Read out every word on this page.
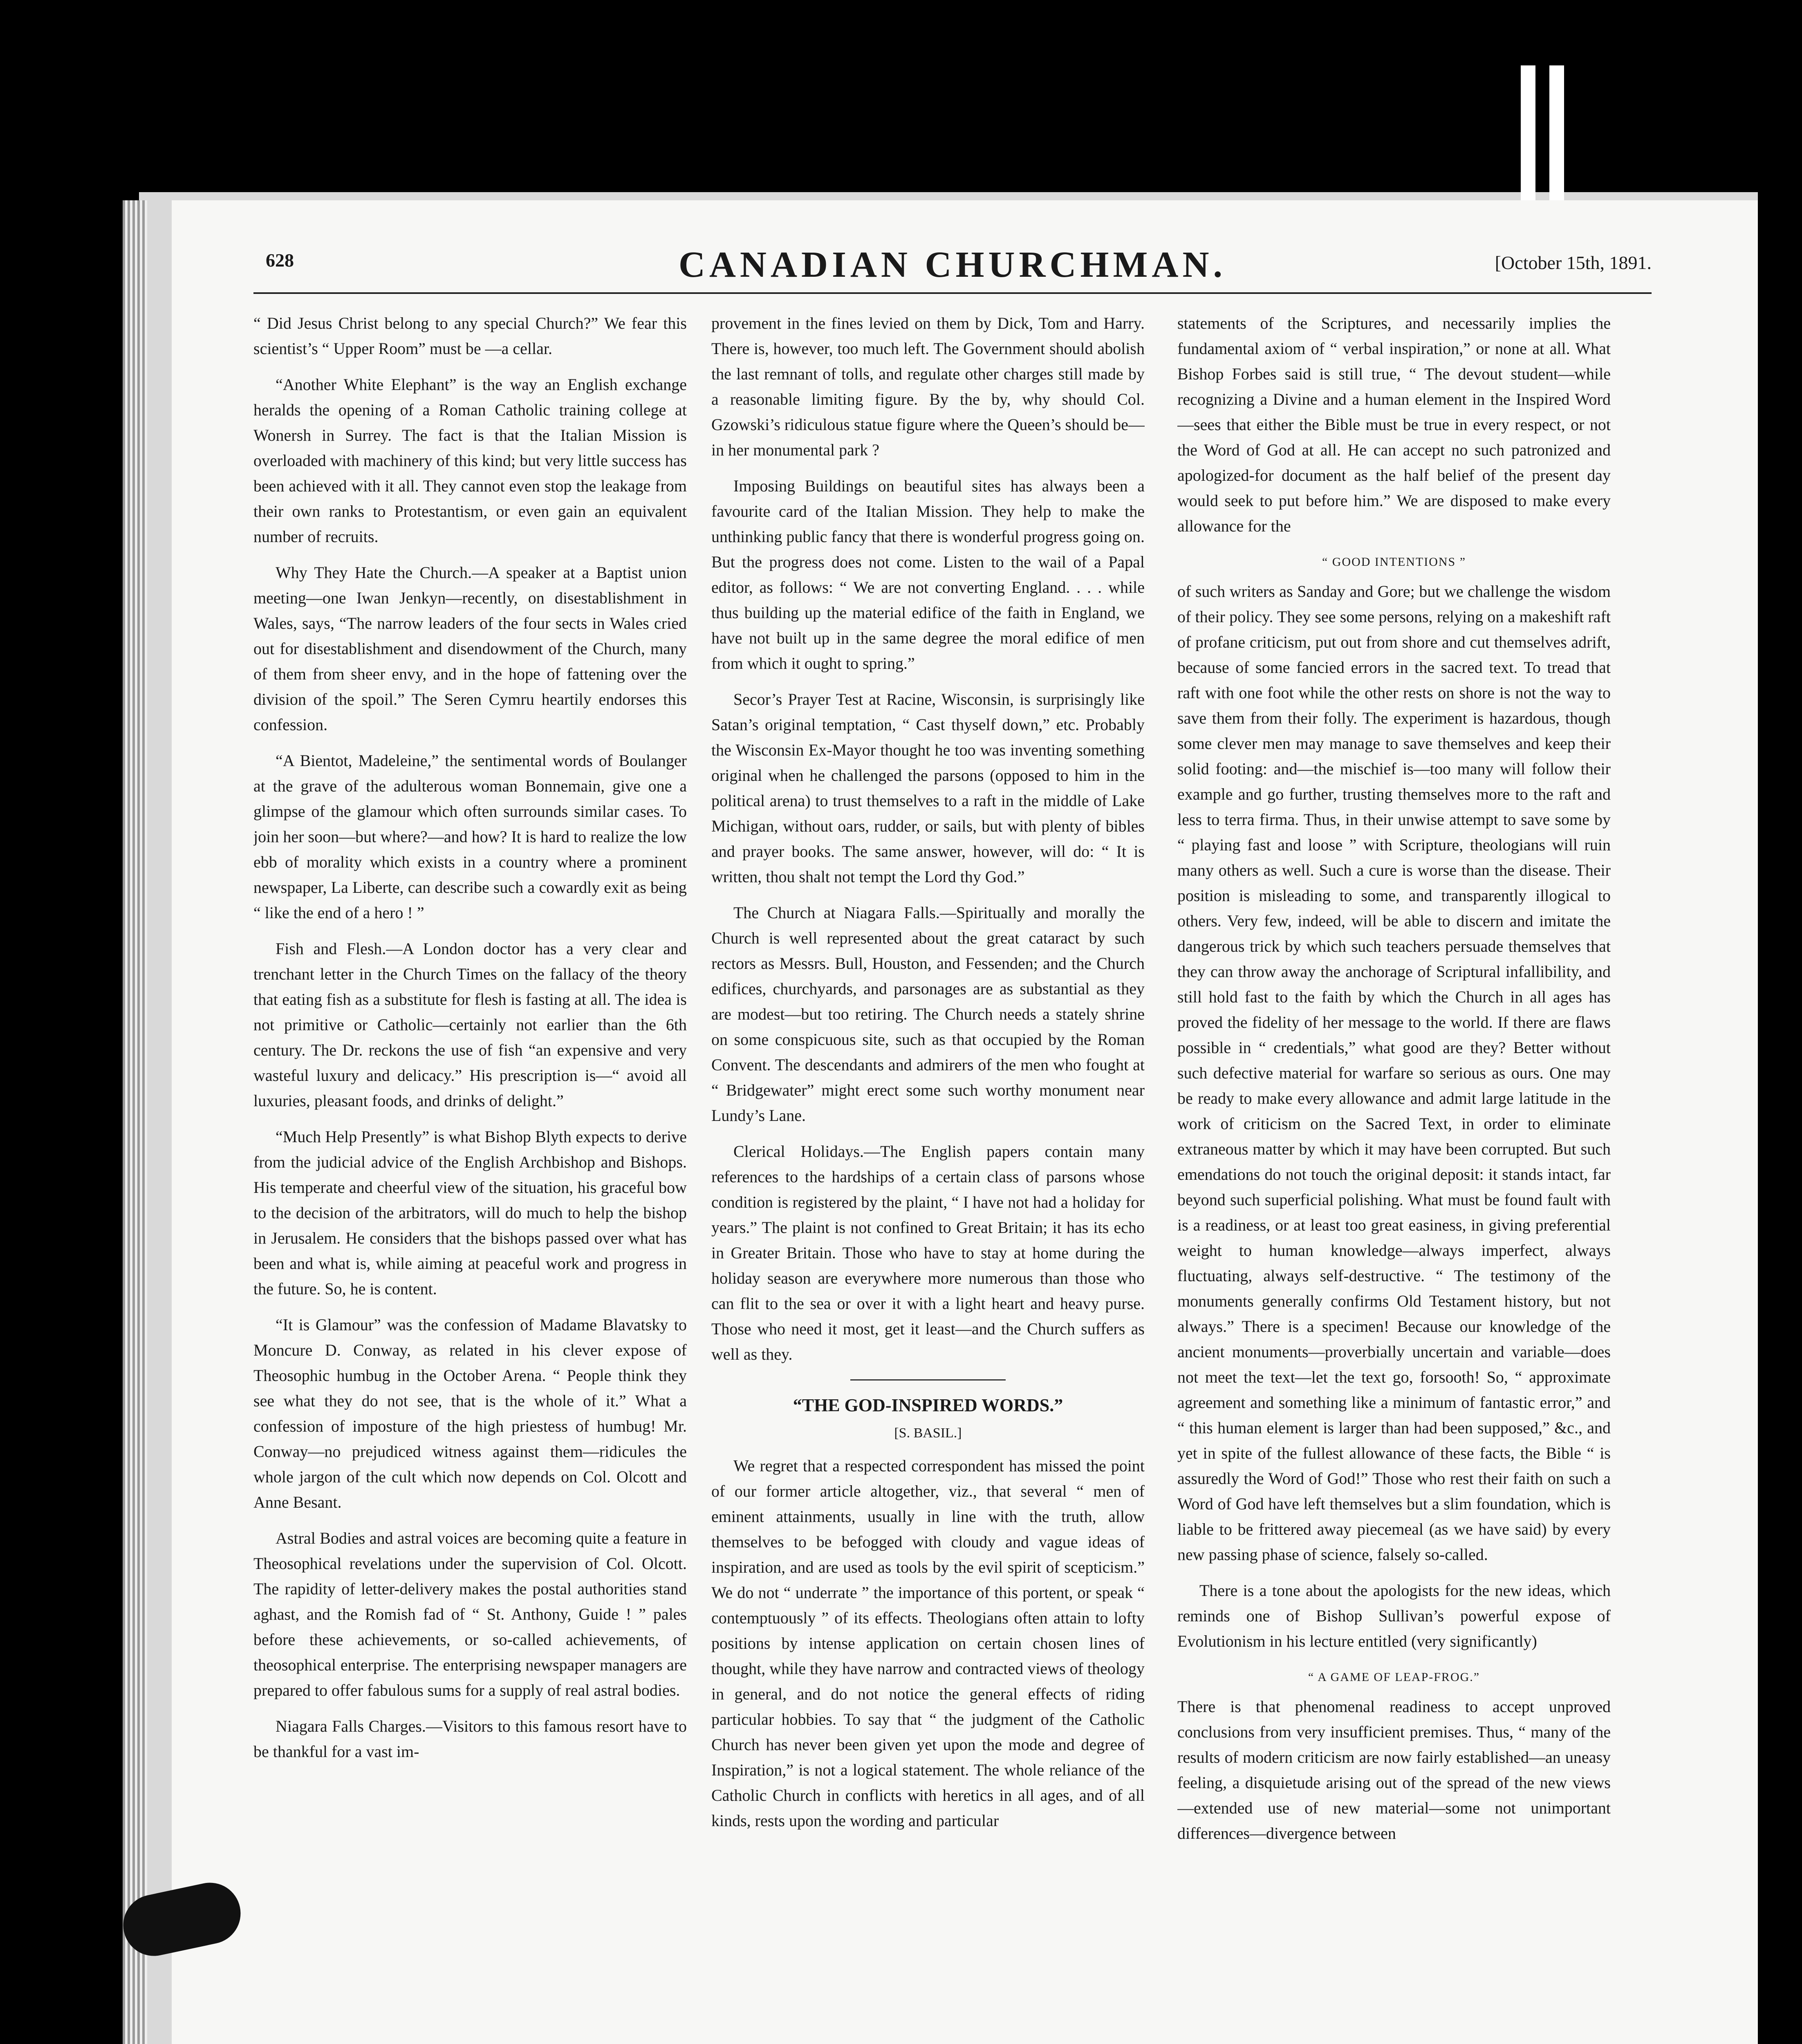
628	CANADIAN CHURCHMAN.	[October 15th, 1891.

“ Did Jesus Christ belong to any special Church?” We fear this scientist’s “ Upper Room” must be —a cellar.

“Another White Elephant” is the way an English exchange heralds the opening of a Roman Catholic training college at Wonersh in Surrey. The fact is that the Italian Mission is overloaded with machinery of this kind; but very little success has been achieved with it all. They cannot even stop the leakage from their own ranks to Protestantism, or even gain an equivalent number of recruits.

Why They Hate the Church.—A speaker at a Baptist union meeting—one Iwan Jenkyn—recently, on disestablishment in Wales, says, “The narrow leaders of the four sects in Wales cried out for disestablishment and disendowment of the Church, many of them from sheer envy, and in the hope of fattening over the division of the spoil.” The Seren Cymru heartily endorses this confession.

“A Bientot, Madeleine,” the sentimental words of Boulanger at the grave of the adulterous woman Bonnemain, give one a glimpse of the glamour which often surrounds similar cases. To join her soon—but where?—and how? It is hard to realize the low ebb of morality which exists in a country where a prominent newspaper, La Liberte, can describe such a cowardly exit as being “ like the end of a hero ! ”

Fish and Flesh.—A London doctor has a very clear and trenchant letter in the Church Times on the fallacy of the theory that eating fish as a substitute for flesh is fasting at all. The idea is not primitive or Catholic—certainly not earlier than the 6th century. The Dr. reckons the use of fish “an expensive and very wasteful luxury and delicacy.” His prescription is—“ avoid all luxuries, pleasant foods, and drinks of delight.”

“Much Help Presently” is what Bishop Blyth expects to derive from the judicial advice of the English Archbishop and Bishops. His temperate and cheerful view of the situation, his graceful bow to the decision of the arbitrators, will do much to help the bishop in Jerusalem. He considers that the bishops passed over what has been and what is, while aiming at peaceful work and progress in the future. So, he is content.

“It is Glamour” was the confession of Madame Blavatsky to Moncure D. Conway, as related in his clever expose of Theosophic humbug in the October Arena. “ People think they see what they do not see, that is the whole of it.” What a confession of imposture of the high priestess of humbug! Mr. Conway—no prejudiced witness against them—ridicules the whole jargon of the cult which now depends on Col. Olcott and Anne Besant.

Astral Bodies and astral voices are becoming quite a feature in Theosophical revelations under the supervision of Col. Olcott. The rapidity of letter-delivery makes the postal authorities stand aghast, and the Romish fad of “ St. Anthony, Guide ! ” pales before these achievements, or so-called achievements, of theosophical enterprise. The enterprising newspaper managers are prepared to offer fabulous sums for a supply of real astral bodies.

Niagara Falls Charges.—Visitors to this famous resort have to be thankful for a vast im-

provement in the fines levied on them by Dick, Tom and Harry. There is, however, too much left. The Government should abolish the last remnant of tolls, and regulate other charges still made by a reasonable limiting figure. By the by, why should Col. Gzowski’s ridiculous statue figure where the Queen’s should be—in her monumental park ?

Imposing Buildings on beautiful sites has always been a favourite card of the Italian Mission. They help to make the unthinking public fancy that there is wonderful progress going on. But the progress does not come. Listen to the wail of a Papal editor, as follows: “ We are not converting England. . . . while thus building up the material edifice of the faith in England, we have not built up in the same degree the moral edifice of men from which it ought to spring.”

Secor’s Prayer Test at Racine, Wisconsin, is surprisingly like Satan’s original temptation, “ Cast thyself down,” etc. Probably the Wisconsin Ex-Mayor thought he too was inventing something original when he challenged the parsons (opposed to him in the political arena) to trust themselves to a raft in the middle of Lake Michigan, without oars, rudder, or sails, but with plenty of bibles and prayer books. The same answer, however, will do: “ It is written, thou shalt not tempt the Lord thy God.”

The Church at Niagara Falls.—Spiritually and morally the Church is well represented about the great cataract by such rectors as Messrs. Bull, Houston, and Fessenden; and the Church edifices, churchyards, and parsonages are as substantial as they are modest—but too retiring. The Church needs a stately shrine on some conspicuous site, such as that occupied by the Roman Convent. The descendants and admirers of the men who fought at “ Bridgewater” might erect some such worthy monument near Lundy’s Lane.

Clerical Holidays.—The English papers contain many references to the hardships of a certain class of parsons whose condition is registered by the plaint, “ I have not had a holiday for years.” The plaint is not confined to Great Britain; it has its echo in Greater Britain. Those who have to stay at home during the holiday season are everywhere more numerous than those who can flit to the sea or over it with a light heart and heavy purse. Those who need it most, get it least—and the Church suffers as well as they.

“THE GOD-INSPIRED WORDS.”
[S. BASIL.]

We regret that a respected correspondent has missed the point of our former article altogether, viz., that several “ men of eminent attainments, usually in line with the truth, allow themselves to be befogged with cloudy and vague ideas of inspiration, and are used as tools by the evil spirit of scepticism.” We do not “ underrate ” the importance of this portent, or speak “ contemptuously ” of its effects. Theologians often attain to lofty positions by intense application on certain chosen lines of thought, while they have narrow and contracted views of theology in general, and do not notice the general effects of riding particular hobbies. To say that “ the judgment of the Catholic Church has never been given yet upon the mode and degree of Inspiration,” is not a logical statement. The whole reliance of the Catholic Church in conflicts with heretics in all ages, and of all kinds, rests upon the wording and particular

statements of the Scriptures, and necessarily implies the fundamental axiom of “ verbal inspiration,” or none at all. What Bishop Forbes said is still true, “ The devout student—while recognizing a Divine and a human element in the Inspired Word—sees that either the Bible must be true in every respect, or not the Word of God at all. He can accept no such patronized and apologized-for document as the half belief of the present day would seek to put before him.” We are disposed to make every allowance for the

“ GOOD INTENTIONS ”

of such writers as Sanday and Gore; but we challenge the wisdom of their policy. They see some persons, relying on a makeshift raft of profane criticism, put out from shore and cut themselves adrift, because of some fancied errors in the sacred text. To tread that raft with one foot while the other rests on shore is not the way to save them from their folly. The experiment is hazardous, though some clever men may manage to save themselves and keep their solid footing: and—the mischief is—too many will follow their example and go further, trusting themselves more to the raft and less to terra firma. Thus, in their unwise attempt to save some by “ playing fast and loose ” with Scripture, theologians will ruin many others as well. Such a cure is worse than the disease. Their position is misleading to some, and transparently illogical to others. Very few, indeed, will be able to discern and imitate the dangerous trick by which such teachers persuade themselves that they can throw away the anchorage of Scriptural infallibility, and still hold fast to the faith by which the Church in all ages has proved the fidelity of her message to the world. If there are flaws possible in “ credentials,” what good are they? Better without such defective material for warfare so serious as ours. One may be ready to make every allowance and admit large latitude in the work of criticism on the Sacred Text, in order to eliminate extraneous matter by which it may have been corrupted. But such emendations do not touch the original deposit: it stands intact, far beyond such superficial polishing. What must be found fault with is a readiness, or at least too great easiness, in giving preferential weight to human knowledge—always imperfect, always fluctuating, always self-destructive. “ The testimony of the monuments generally confirms Old Testament history, but not always.” There is a specimen! Because our knowledge of the ancient monuments—proverbially uncertain and variable—does not meet the text—let the text go, forsooth! So, “ approximate agreement and something like a minimum of fantastic error,” and “ this human element is larger than had been supposed,” &c., and yet in spite of the fullest allowance of these facts, the Bible “ is assuredly the Word of God!” Those who rest their faith on such a Word of God have left themselves but a slim foundation, which is liable to be frittered away piecemeal (as we have said) by every new passing phase of science, falsely so-called.

There is a tone about the apologists for the new ideas, which reminds one of Bishop Sullivan’s powerful expose of Evolutionism in his lecture entitled (very significantly)

“ A GAME OF LEAP-FROG.”

There is that phenomenal readiness to accept unproved conclusions from very insufficient premises. Thus, “ many of the results of modern criticism are now fairly established—an uneasy feeling, a disquietude arising out of the spread of the new views—extended use of new material—some not unimportant differences—divergence between
